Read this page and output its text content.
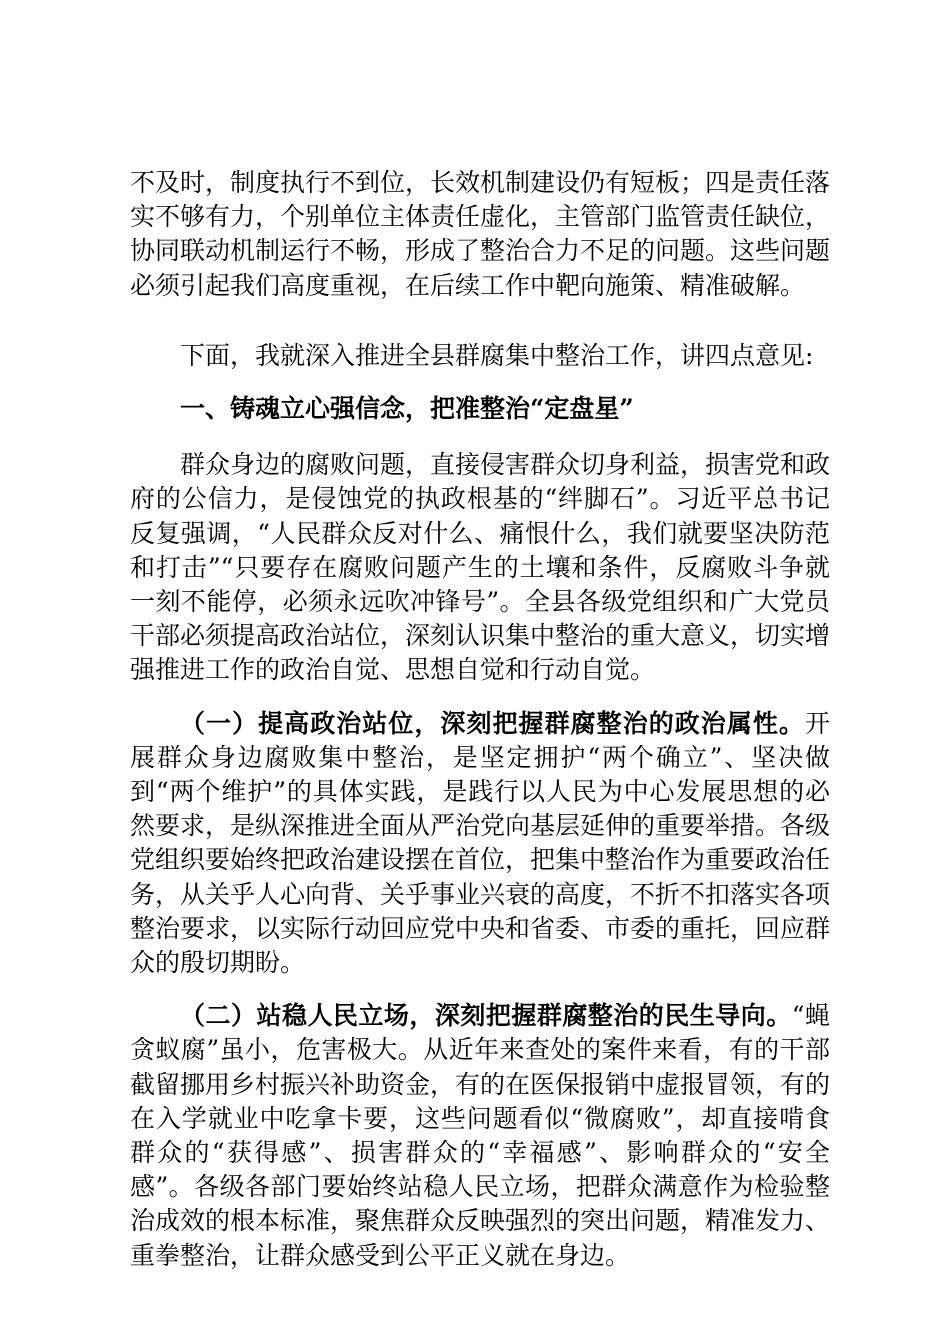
不及时，制度执行不到位，长效机制建设仍有短板；四是责任落实不够有力，个别单位主体责任虚化，主管部门监管责任缺位，协同联动机制运行不畅，形成了整治合力不足的问题。这些问题必须引起我们高度重视，在后续工作中靶向施策、精准破解。

下面，我就深入推进全县群腐集中整治工作，讲四点意见:

一、铸魂立心强信念，把准整治“定盘星”

群众身边的腐败问题，直接侵害群众切身利益，损害党和政府的公信力，是侵蚀党的执政根基的“绊脚石”。习近平总书记反复强调，“人民群众反对什么、痛恨什么，我们就要坚决防范和打击”“只要存在腐败问题产生的土壤和条件，反腐败斗争就一刻不能停，必须永远吹冲锋号”。全县各级党组织和广大党员干部必须提高政治站位，深刻认识集中整治的重大意义，切实增强推进工作的政治自觉、思想自觉和行动自觉。

（一）提高政治站位，深刻把握群腐整治的政治属性。开展群众身边腐败集中整治，是坚定拥护“两个确立”、坚决做到“两个维护”的具体实践，是践行以人民为中心发展思想的必然要求，是纵深推进全面从严治党向基层延伸的重要举措。各级党组织要始终把政治建设摆在首位，把集中整治作为重要政治任务，从关乎人心向背、关乎事业兴衰的高度，不折不扣落实各项整治要求，以实际行动回应党中央和省委、市委的重托，回应群众的殷切期盼。

（二）站稳人民立场，深刻把握群腐整治的民生导向。“蝇贪蚁腐”虽小，危害极大。从近年来查处的案件来看，有的干部截留挪用乡村振兴补助资金，有的在医保报销中虚报冒领，有的在入学就业中吃拿卡要，这些问题看似“微腐败”，却直接啃食群众的“获得感”、损害群众的“幸福感”、影响群众的“安全感”。各级各部门要始终站稳人民立场，把群众满意作为检验整治成效的根本标准，聚焦群众反映强烈的突出问题，精准发力、重拳整治，让群众感受到公平正义就在身边。
